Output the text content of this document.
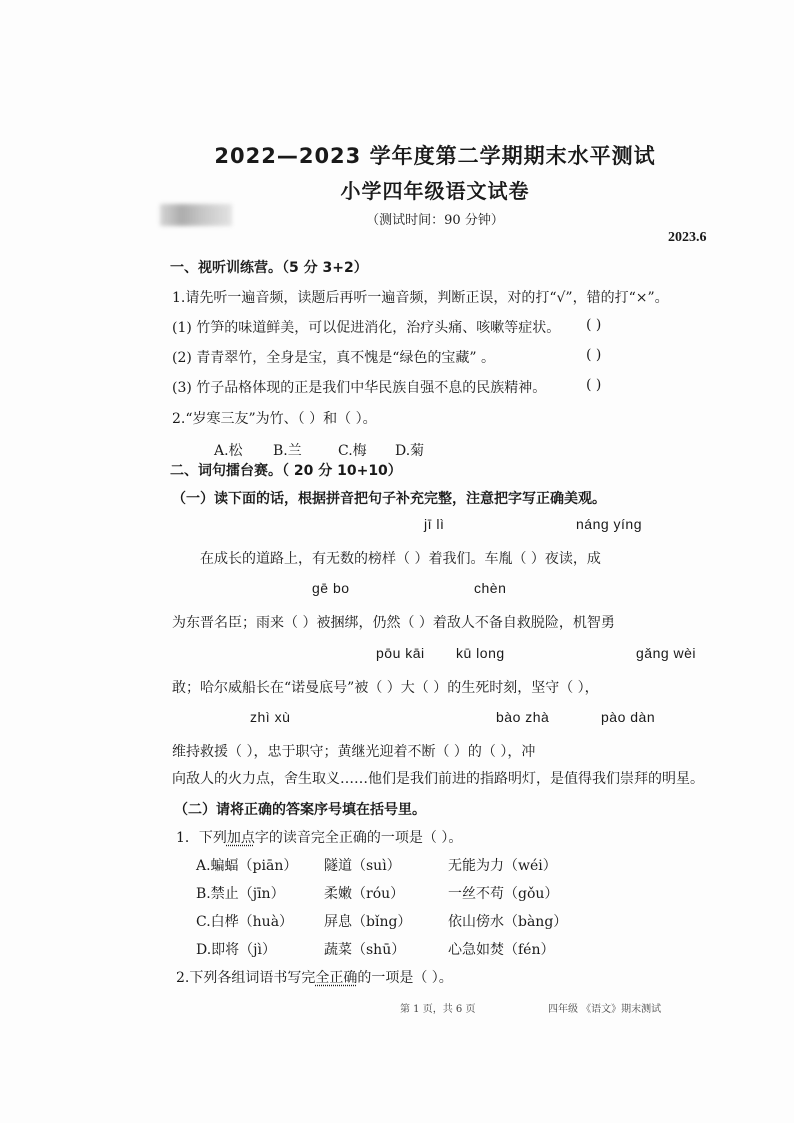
2022—2023 学年度第二学期期末水平测试
小学四年级语文试卷
（测试时间：90 分钟）
2023.6
一、视听训练营。（5 分 3+2）
1.请先听一遍音频，读题后再听一遍音频，判断正误，对的打“√”，错的打“×”。
(1) 竹笋的味道鲜美，可以促进消化，治疗头痛、咳嗽等症状。 ( )
(2) 青青翠竹，全身是宝，真不愧是“绿色的宝藏” 。	( )
(3) 竹子品格体现的正是我们中华民族自强不息的民族精神。	( )
2.“岁寒三友”为竹、（ ）和（ ）。
A.松 B.兰	C.梅 D.菊
二、词句擂台赛。（ 20 分 10+10）
（一）读下面的话，根据拼音把句子补充完整，注意把字写正确美观。
jī lì	náng yíng
在成长的道路上，有无数的榜样（ ）着我们。车胤（ ）夜读，成
gē bo	chèn
为东晋名臣；雨来（ ）被捆绑，仍然（ ）着敌人不备自救脱险，机智勇
pōu kāi kū long	gǎng wèi
敢；哈尔威船长在“诺曼底号”被（ ）大（ ）的生死时刻，坚守（ ），
zhì xù	bào zhà	pào dàn
维持救援（ ），忠于职守；黄继光迎着不断（ ）的（ ），冲
向敌人的火力点，舍生取义……他们是我们前进的指路明灯，是值得我们崇拜的明星。
（二）请将正确的答案序号填在括号里。
1．下列加点字的读音完全正确的一项是（ ）。
A.蝙蝠（piān） 隧道（suì）	无能为力（wéi）
B.禁止（jīn）	柔嫩（róu）	一丝不苟（gǒu）
C.白桦（huà） 屏息（bǐng）	依山傍水（bàng）
D.即将（jì）	蔬菜（shū）	心急如焚（fén）
2.下列各组词语书写完全正确的一项是（ ）。
第 1 页，共 6 页	四年级 《语文》期末测试
